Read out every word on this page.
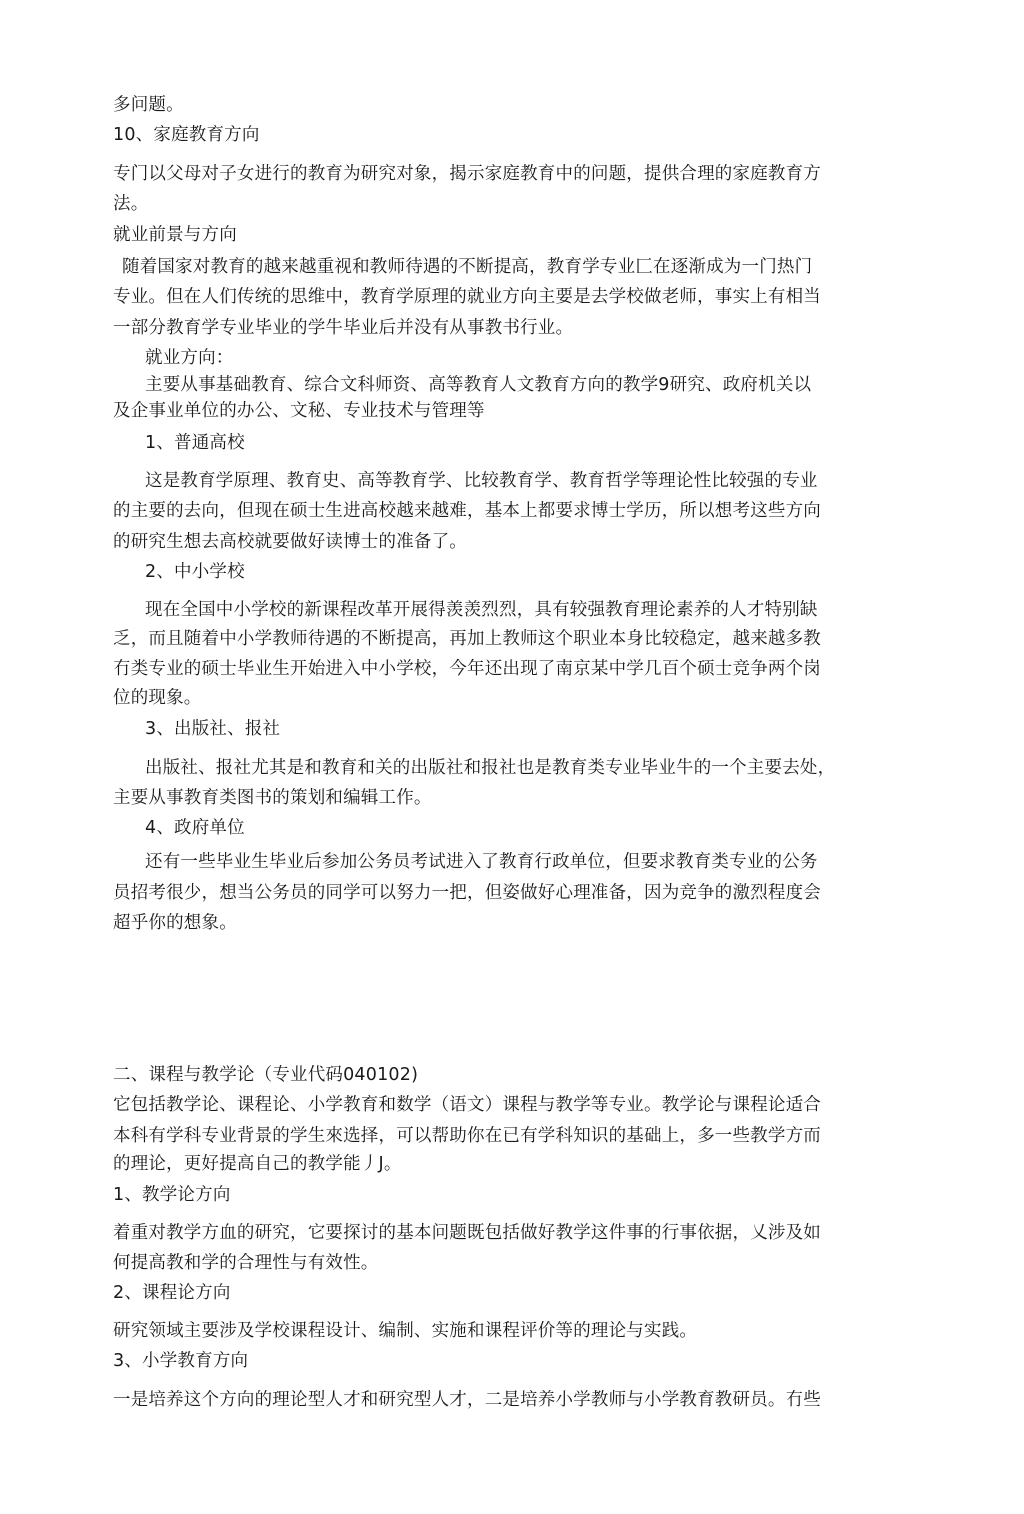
多问题。
10、家庭教育方向
专门以父母对子女进行的教育为研究对象，揭示家庭教育中的问题，提供合理的家庭教育方
法。
就业前景与方向
随着国家对教育的越来越重视和教师待遇的不断提高，教育学专业匚在逐渐成为一门热门
专业。但在人们传统的思维中，教育学原理的就业方向主要是去学校做老师，事实上有相当
一部分教育学专业毕业的学牛毕业后并没有从事教书行业。
就业方向：
主要从事基础教育、综合文科师资、高等教育人文教育方向的教学9研究、政府机关以
及企事业单位的办公、文秘、专业技术与管理等
1、普通高校
这是教育学原理、教育史、高等教育学、比较教育学、教育哲学等理论性比较强的专业
的主要的去向，但现在硕士生进高校越来越难，基本上都要求博士学历，所以想考这些方向
的研究生想去高校就要做好读博士的准备了。
2、中小学校
现在全国中小学校的新课程改革开展得羡羡烈烈，具有较强教育理论素养的人才特别缺
乏，而且随着中小学教师待遇的不断提高，再加上教师这个职业本身比较稳定，越来越多教
冇类专业的硕士毕业生开始进入中小学校，今年还出现了南京某中学几百个硕士竞争两个岗
位的现象。
3、出版社、报社
出版社、报社尤其是和教育和关的出版社和报社也是教育类专业毕业牛的一个主要去处，
主要从事教育类图书的策划和编辑工作。
4、政府单位
还有一些毕业生毕业后参加公务员考试进入了教育行政单位，但要求教育类专业的公务
员招考很少，想当公务员的同学可以努力一把，但姿做好心理准备，因为竞争的激烈程度会
超乎你的想象。
二、课程与教学论（专业代码040102)
它包括教学论、课程论、小学教育和数学（语文）课程与教学等专业。教学论与课程论适合
本科有学科专业背景的学生來选择，可以帮助你在已有学科知识的基础上，多一些教学方而
的理论，更好提高自己的教学能丿J。
1、教学论方向
着重对教学方血的研究，它要探讨的基本问题既包括做好教学这件事的行事依据，乂涉及如
何提高教和学的合理性与有效性。
2、课程论方向
研究领域主要涉及学校课程设计、编制、实施和课程评价等的理论与实践。
3、小学教育方向
一是培养这个方向的理论型人才和研究型人才，二是培养小学教师与小学教育教研员。冇些
